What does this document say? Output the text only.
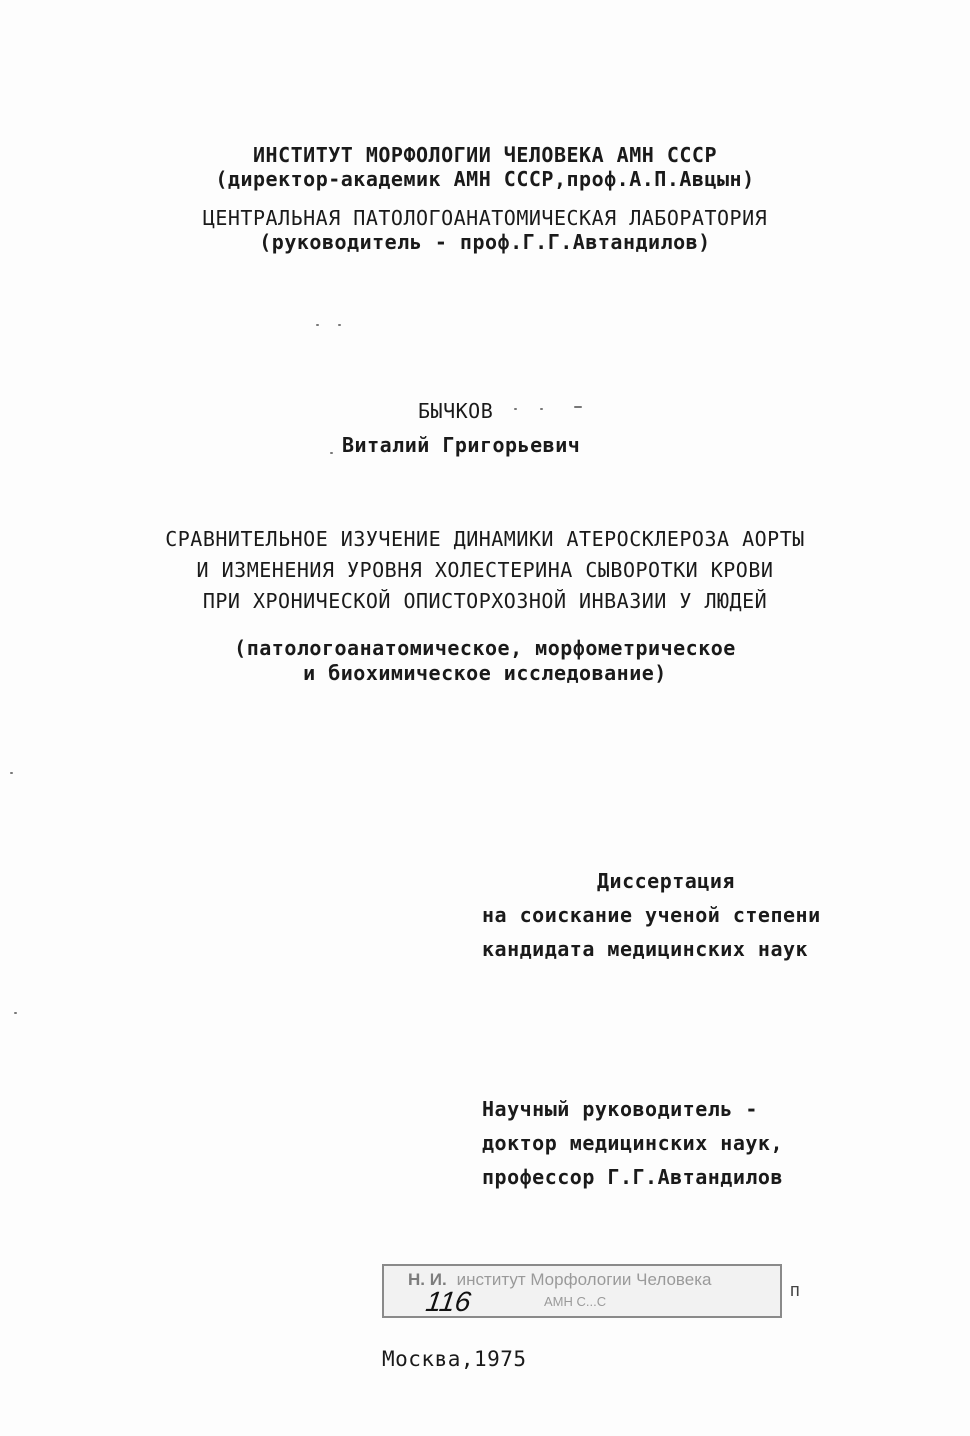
ИНСТИТУТ МОРФОЛОГИИ ЧЕЛОВЕКА АМН СССР
(директор-академик АМН СССР,проф.А.П.Авцын)
ЦЕНТРАЛЬНАЯ ПАТОЛОГОАНАТОМИЧЕСКАЯ ЛАБОРАТОРИЯ
(руководитель - проф.Г.Г.Автандилов)
БЫЧКОВ
Виталий Григорьевич
СРАВНИТЕЛЬНОЕ ИЗУЧЕНИЕ ДИНАМИКИ АТЕРОСКЛЕРОЗА АОРТЫ
И ИЗМЕНЕНИЯ УРОВНЯ ХОЛЕСТЕРИНА СЫВОРОТКИ КРОВИ
ПРИ ХРОНИЧЕСКОЙ ОПИСТОРХОЗНОЙ ИНВАЗИИ У ЛЮДЕЙ
(патологоанатомическое, морфометрическое
и биохимическое исследование)
Диссертация
на соискание ученой степени
кандидата медицинских наук
Научный руководитель -
доктор медицинских наук,
профессор Г.Г.Автандилов
Н. И. институт Морфологии Человека
АМН С...С
116	п
Москва,1975
